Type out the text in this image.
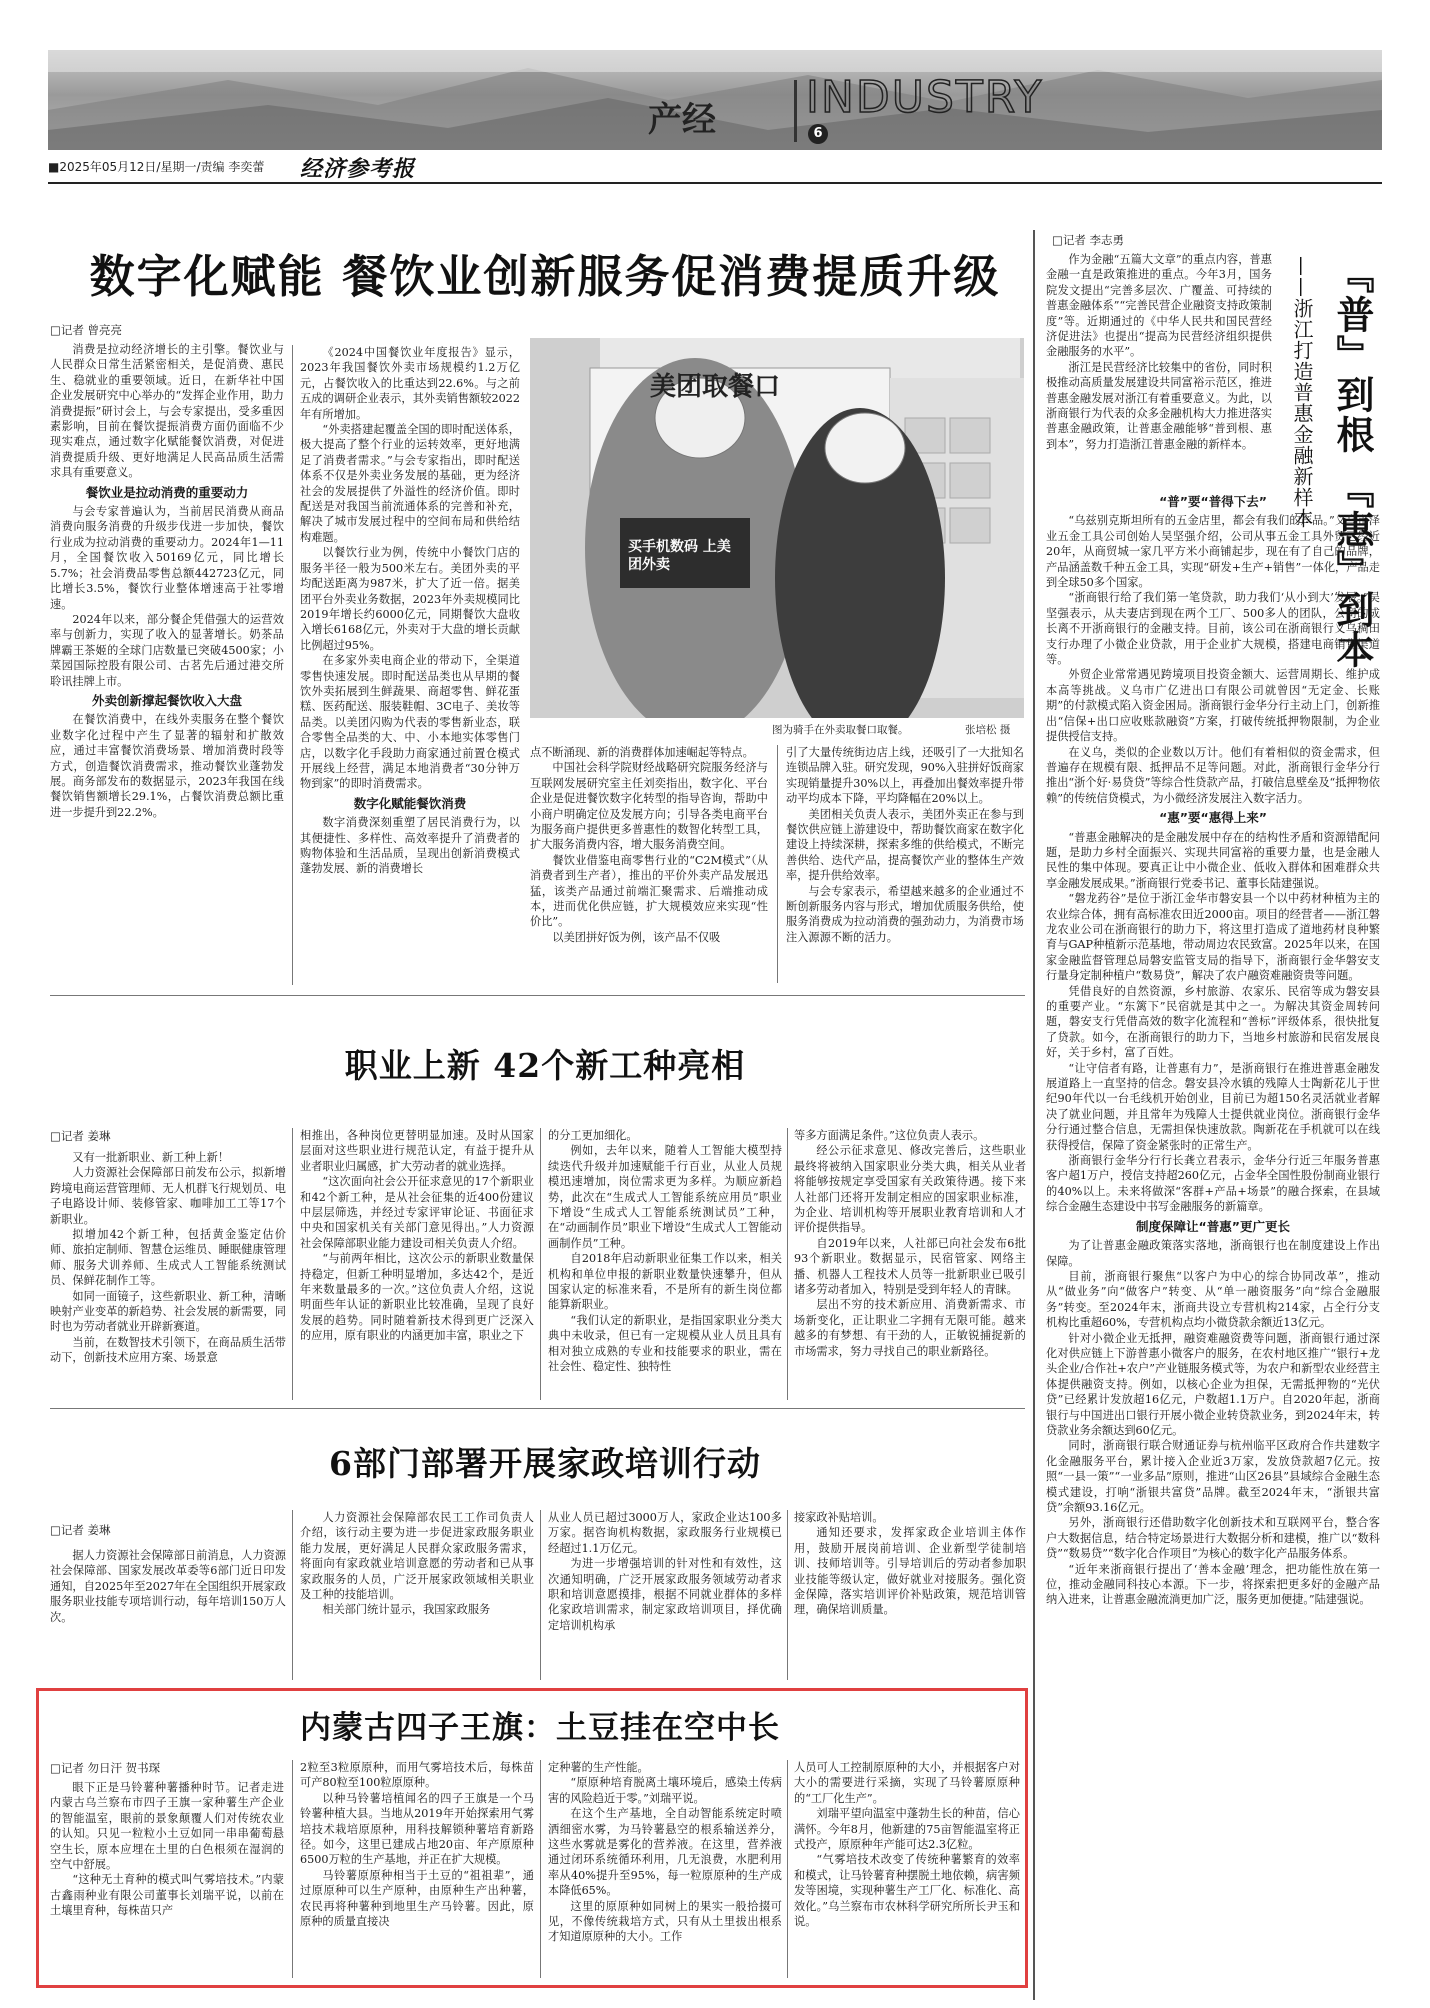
产经 INDUSTRY
6
■2025年05月12日/星期一/责编 李奕蕾 经济参考报
数字化赋能 餐饮业创新服务促消费提质升级
□记者 曾亮亮

消费是拉动经济增长的主引擎。餐饮业与人民群众日常生活紧密相关，是促消费、惠民生、稳就业的重要领域。近日，在新华社中国企业发展研究中心举办的“发挥企业作用，助力消费提振”研讨会上，与会专家提出，受多重因素影响，目前在餐饮提振消费方面仍面临不少现实难点，通过数字化赋能餐饮消费，对促进消费提质升级、更好地满足人民高品质生活需求具有重要意义。

餐饮业是拉动消费的重要动力

与会专家普遍认为，当前居民消费从商品消费向服务消费的升级步伐进一步加快，餐饮行业成为拉动消费的重要动力。2024年1—11月，全国餐饮收入50169亿元，同比增长5.7%；社会消费品零售总额442723亿元，同比增长3.5%，餐饮行业整体增速高于社零增速。

2024年以来，部分餐企凭借强大的运营效率与创新力，实现了收入的显著增长。奶茶品牌霸王茶姬的全球门店数量已突破4500家；小菜园国际控股有限公司、古茗先后通过港交所聆讯挂牌上市。

外卖创新撑起餐饮收入大盘

在餐饮消费中，在线外卖服务在整个餐饮业数字化过程中产生了显著的辐射和扩散效应，通过丰富餐饮消费场景、增加消费时段等方式，创造餐饮消费需求，推动餐饮业蓬勃发展。商务部发布的数据显示，2023年我国在线餐饮销售额增长29.1%，占餐饮消费总额比重进一步提升到22.2%。

《2024中国餐饮业年度报告》显示，2023年我国餐饮外卖市场规模约1.2万亿元，占餐饮收入的比重达到22.6%。与之前五成的调研企业表示，其外卖销售额较2022年有所增加。

“外卖搭建起覆盖全国的即时配送体系，极大提高了整个行业的运转效率，更好地满足了消费者需求。”与会专家指出，即时配送体系不仅是外卖业务发展的基础，更为经济社会的发展提供了外溢性的经济价值。即时配送是对我国当前流通体系的完善和补充，解决了城市发展过程中的空间布局和供给结构难题。

以餐饮行业为例，传统中小餐饮门店的服务半径一般为500米左右。美团外卖的平均配送距离为987米，扩大了近一倍。据美团平台外卖业务数据，2023年外卖规模同比2019年增长约6000亿元，同期餐饮大盘收入增长6168亿元，外卖对于大盘的增长贡献比例超过95%。

在多家外卖电商企业的带动下，全渠道零售快速发展。即时配送品类也从早期的餐饮外卖拓展到生鲜蔬果、商超零售、鲜花蛋糕、医药配送、服装鞋帽、3C电子、美妆等品类。以美团闪购为代表的零售新业态，联合零售全品类的大、中、小本地实体零售门店，以数字化手段助力商家通过前置仓模式开展线上经营，满足本地消费者“30分钟万物到家”的即时消费需求。

数字化赋能餐饮消费

数字消费深刻重塑了居民消费行为，以其便捷性、多样性、高效率提升了消费者的购物体验和生活品质，呈现出创新消费模式蓬勃发展、新的消费增长

美团取餐口
买手机数码 上美团外卖
图为骑手在外卖取餐口取餐。	张培松 摄

点不断涌现、新的消费群体加速崛起等特点。

中国社会科学院财经战略研究院服务经济与互联网发展研究室主任刘奕指出，数字化、平台企业是促进餐饮数字化转型的指导咨询，帮助中小商户明确定位及发展方向；引导各类电商平台为服务商户提供更多普惠性的数智化转型工具，扩大服务消费内容，增大服务消费空间。

餐饮业借鉴电商零售行业的“C2M模式”（从消费者到生产者），推出的平价外卖产品发展迅猛，该类产品通过前端汇聚需求、后端推动成本，进而优化供应链，扩大规模效应来实现“性价比”。

以美团拼好饭为例，该产品不仅吸

引了大量传统街边店上线，还吸引了一大批知名连锁品牌入驻。研究发现，90%入驻拼好饭商家实现销量提升30%以上，再叠加出餐效率提升带动平均成本下降，平均降幅在20%以上。

美团相关负责人表示，美团外卖正在参与到餐饮供应链上游建设中，帮助餐饮商家在数字化建设上持续深耕，探索多维的供给模式，不断完善供给、迭代产品，提高餐饮产业的整体生产效率，提升供给效率。

与会专家表示，希望越来越多的企业通过不断创新服务内容与形式，增加优质服务供给，使服务消费成为拉动消费的强劲动力，为消费市场注入源源不断的活力。

职业上新 42个新工种亮相
□记者 姜琳

又有一批新职业、新工种上新！

人力资源社会保障部日前发布公示，拟新增跨境电商运营管理师、无人机群飞行规划员、电子电路设计师、装修管家、咖啡加工工等17个新职业。

拟增加42个新工种，包括黄金鉴定估价师、旅拍定制师、智慧仓运维员、睡眠健康管理师、服务犬训养师、生成式人工智能系统测试员、保鲜花制作工等。

如同一面镜子，这些新职业、新工种，清晰映射产业变革的新趋势、社会发展的新需要，同时也为劳动者就业开辟新赛道。

当前，在数智技术引领下，在商品质生活带动下，创新技术应用方案、场景意

相推出，各种岗位更替明显加速。及时从国家层面对这些职业进行规范认定，有益于提升从业者职业归属感，扩大劳动者的就业选择。

“这次面向社会公开征求意见的17个新职业和42个新工种，是从社会征集的近400份建议中层层筛选，并经过专家评审论证、书面征求中央和国家机关有关部门意见得出。”人力资源社会保障部职业能力建设司相关负责人介绍。

“与前两年相比，这次公示的新职业数量保持稳定，但新工种明显增加，多达42个，是近年来数量最多的一次。”这位负责人介绍，这说明面些年认证的新职业比较准确，呈现了良好发展的趋势。同时随着新技术得到更广泛深入的应用，原有职业的内涵更加丰富，职业之下

的分工更加细化。

例如，去年以来，随着人工智能大模型持续迭代升级并加速赋能千行百业，从业人员规模迅速增加，岗位需求更为多样。为顺应新趋势，此次在“生成式人工智能系统应用员”职业下增设“生成式人工智能系统测试员”工种，在“动画制作员”职业下增设“生成式人工智能动画制作员”工种。

自2018年启动新职业征集工作以来，相关机构和单位申报的新职业数量快速攀升，但从国家认定的标准来看，不是所有的新生岗位都能算新职业。

“我们认定的新职业，是指国家职业分类大典中未收录，但已有一定规模从业人员且具有相对独立成熟的专业和技能要求的职业，需在社会性、稳定性、独特性

等多方面满足条件。”这位负责人表示。

经公示征求意见、修改完善后，这些职业最终将被纳入国家职业分类大典，相关从业者将能够按规定享受国家有关政策待遇。接下来人社部门还将开发制定相应的国家职业标准，为企业、培训机构等开展职业教育培训和人才评价提供指导。

自2019年以来，人社部已向社会发布6批93个新职业。数据显示，民宿管家、网络主播、机器人工程技术人员等一批新职业已吸引诸多劳动者加入，特别是受到年轻人的青睐。

层出不穷的技术新应用、消费新需求、市场新变化，正让职业二字拥有无限可能。越来越多的有梦想、有干劲的人，正敏锐捕捉新的市场需求，努力寻找自己的职业新路径。

6部门部署开展家政培训行动
□记者 姜琳

据人力资源社会保障部日前消息，人力资源社会保障部、国家发展改革委等6部门近日印发通知，自2025年至2027年在全国组织开展家政服务职业技能专项培训行动，每年培训150万人次。

人力资源社会保障部农民工工作司负责人介绍，该行动主要为进一步促进家政服务职业能力发展，更好满足人民群众家政服务需求，将面向有家政就业培训意愿的劳动者和已从事家政服务的人员，广泛开展家政领域相关职业及工种的技能培训。

相关部门统计显示，我国家政服务

从业人员已超过3000万人，家政企业达100多万家。据咨询机构数据，家政服务行业规模已经超过1.1万亿元。

为进一步增强培训的针对性和有效性，这次通知明确，广泛开展家政服务领域劳动者求职和培训意愿摸排，根据不同就业群体的多样化家政培训需求，制定家政培训项目，择优确定培训机构承

接家政补贴培训。

通知还要求，发挥家政企业培训主体作用，鼓励开展岗前培训、企业新型学徒制培训、技师培训等。引导培训后的劳动者参加职业技能等级认定，做好就业对接服务。强化资金保障，落实培训评价补贴政策，规范培训管理，确保培训质量。

内蒙古四子王旗：土豆挂在空中长
□记者 勿日汗 贺书琛

眼下正是马铃薯种薯播种时节。记者走进内蒙古乌兰察布市四子王旗一家种薯生产企业的智能温室，眼前的景象颠覆人们对传统农业的认知。只见一粒粒小土豆如同一串串葡萄悬空生长，原本应埋在土里的白色根须在湿润的空气中舒展。

“这种无土育种的模式叫气雾培技术。”内蒙古鑫雨种业有限公司董事长刘瑞平说，以前在土壤里育种，每株苗只产

2粒至3粒原原种，而用气雾培技术后，每株苗可产80粒至100粒原原种。

以种马铃薯培植闻名的四子王旗是一个马铃薯种植大县。当地从2019年开始探索用气雾培技术栽培原原种，用科技解锁种薯培育新路径。如今，这里已建成占地20亩、年产原原种6500万粒的生产基地，并正在扩大规模。

马铃薯原原种相当于土豆的“祖祖辈”，通过原原种可以生产原种，由原种生产出种薯，农民再将种薯种到地里生产马铃薯。因此，原原种的质量直接决

定种薯的生产性能。

“原原种培育脱离土壤环境后，感染土传病害的风险趋近于零。”刘瑞平说。

在这个生产基地，全自动智能系统定时喷洒细密水雾，为马铃薯悬空的根系输送养分，这些水雾就是雾化的营养液。在这里，营养液通过闭环系统循环利用，几无浪费，水肥利用率从40%提升至95%，每一粒原原种的生产成本降低65%。

这里的原原种如同树上的果实一般拾掇可见，不像传统栽培方式，只有从土里拔出根系才知道原原种的大小。工作

人员可人工控制原原种的大小，并根据客户对大小的需要进行采摘，实现了马铃薯原原种的“工厂化生产”。

刘瑞平望向温室中蓬勃生长的种苗，信心满怀。今年8月，他新建的75亩智能温室将正式投产，原原种年产能可达2.3亿粒。

“气雾培技术改变了传统种薯繁育的效率和模式，让马铃薯育种摆脱土地依赖，病害频发等困境，实现种薯生产工厂化、标准化、高效化。”乌兰察布市农林科学研究所所长尹玉和说。

□记者 李志勇
『普』到根 『惠』到本
——浙江打造普惠金融新样本

作为金融“五篇大文章”的重点内容，普惠金融一直是政策推进的重点。今年3月，国务院发文提出“完善多层次、广覆盖、可持续的普惠金融体系”“完善民营企业融资支持政策制度”等。近期通过的《中华人民共和国民营经济促进法》也提出“提高为民营经济组织提供金融服务的水平”。

浙江是民营经济比较集中的省份，同时积极推动高质量发展建设共同富裕示范区，推进普惠金融发展对浙江有着重要意义。为此，以浙商银行为代表的众多金融机构大力推进落实普惠金融政策，让普惠金融能够“普到根、惠到本”，努力打造浙江普惠金融的新样本。

“普”要“普得下去”

“乌兹别克斯坦所有的五金店里，都会有我们的产品。”义乌市泽业五金工具公司创始人吴坚强介绍，公司从事五金工具外贸已经近20年，从商贸城一家几平方米小商铺起步，现在有了自己的品牌，产品涵盖数千种五金工具，实现“研发+生产+销售”一体化，产品走到全球50多个国家。

“浙商银行给了我们第一笔贷款，助力我们‘从小到大’发展。”吴坚强表示，从夫妻店到现在两个工厂、500多人的团队，公司的成长离不开浙商银行的金融支持。目前，该公司在浙商银行义乌稠田支行办理了小微企业贷款，用于企业扩大规模，搭建电商销售渠道等。

外贸企业常常遇见跨境项目投资金额大、运营周期长、维护成本高等挑战。义乌市广亿进出口有限公司就曾因“无定金、长账期”的付款模式陷入资金困局。浙商银行金华分行主动上门，创新推出“信保+出口应收账款融资”方案，打破传统抵押物限制，为企业提供授信支持。

在义乌，类似的企业数以万计。他们有着相似的资金需求，但普遍存在规模有限、抵押品不足等问题。对此，浙商银行金华分行推出“浙个好·易贷贷”等综合性贷款产品，打破信息壁垒及“抵押物依赖”的传统信贷模式，为小微经济发展注入数字活力。

“惠”要“惠得上来”

“普惠金融解决的是金融发展中存在的结构性矛盾和资源错配问题，是助力乡村全面振兴、实现共同富裕的重要力量，也是金融人民性的集中体现。要真正让中小微企业、低收入群体和困难群众共享金融发展成果。”浙商银行党委书记、董事长陆建强说。

“磐龙药谷”是位于浙江金华市磐安县一个以中药材种植为主的农业综合体，拥有高标准农田近2000亩。项目的经营者——浙江磐龙农业公司在浙商银行的助力下，将这里打造成了道地药材良种繁育与GAP种植新示范基地，带动周边农民致富。2025年以来，在国家金融监督管理总局磐安监管支局的指导下，浙商银行金华磐安支行量身定制种植户“数易贷”，解决了农户融资难融资贵等问题。

凭借良好的自然资源，乡村旅游、农家乐、民宿等成为磐安县的重要产业。“东篱下”民宿就是其中之一。为解决其资金周转问题，磐安支行凭借高效的数字化流程和“善标”评级体系，很快批复了贷款。如今，在浙商银行的助力下，当地乡村旅游和民宿发展良好，关于乡村，富了百姓。

“让守信者有路，让普惠有力”，是浙商银行在推进普惠金融发展道路上一直坚持的信念。磐安县冷水镇的残障人士陶新花儿于世纪90年代以一台毛线机开始创业，目前已为超150名灵活就业者解决了就业问题，并且常年为残障人士提供就业岗位。浙商银行金华分行通过整合信息，无需担保快速放款。陶新花在手机就可以在线获得授信，保障了资金紧张时的正常生产。

浙商银行金华分行行长龚立君表示，金华分行近三年服务普惠客户超1万户，授信支持超260亿元，占金华全国性股份制商业银行的40%以上。未来将做深“客群+产品+场景”的融合探索，在县域综合金融生态建设中书写金融服务的新篇章。

制度保障让“普惠”更广更长

为了让普惠金融政策落实落地，浙商银行也在制度建设上作出保障。

目前，浙商银行聚焦“以客户为中心的综合协同改革”，推动从“做业务”向“做客户”转变、从“单一融资服务”向“综合金融服务”转变。至2024年末，浙商共设立专营机构214家，占全行分支机构比重超60%，专营机构点均小微贷款余额近13亿元。

针对小微企业无抵押，融资难融资费等问题，浙商银行通过深化对供应链上下游普惠小微客户的服务，在农村地区推广“银行+龙头企业/合作社+农户”产业链服务模式等，为农户和新型农业经营主体提供融资支持。例如，以核心企业为担保，无需抵押物的“光伏贷”已经累计发放超16亿元，户数超1.1万户。自2020年起，浙商银行与中国进出口银行开展小微企业转贷款业务，到2024年末，转贷款业务余额达到60亿元。

同时，浙商银行联合财通证券与杭州临平区政府合作共建数字化金融服务平台，累计接入企业近3万家，发放贷款超7亿元。按照“一县一策”“一业多品”原则，推进“山区26县”县域综合金融生态模式建设，打响“浙银共富贷”品牌。截至2024年末，“浙银共富贷”余额93.16亿元。

另外，浙商银行还借助数字化创新技术和互联网平台，整合客户大数据信息，结合特定场景进行大数据分析和建模，推广以“数科贷”“数易贷”“数字化合作项目”为核心的数字化产品服务体系。

“近年来浙商银行提出了‘善本金融’理念，把功能性放在第一位，推动金融同科技心本源。下一步，将探索把更多好的金融产品纳入进来，让普惠金融流淌更加广泛，服务更加便捷。”陆建强说。
